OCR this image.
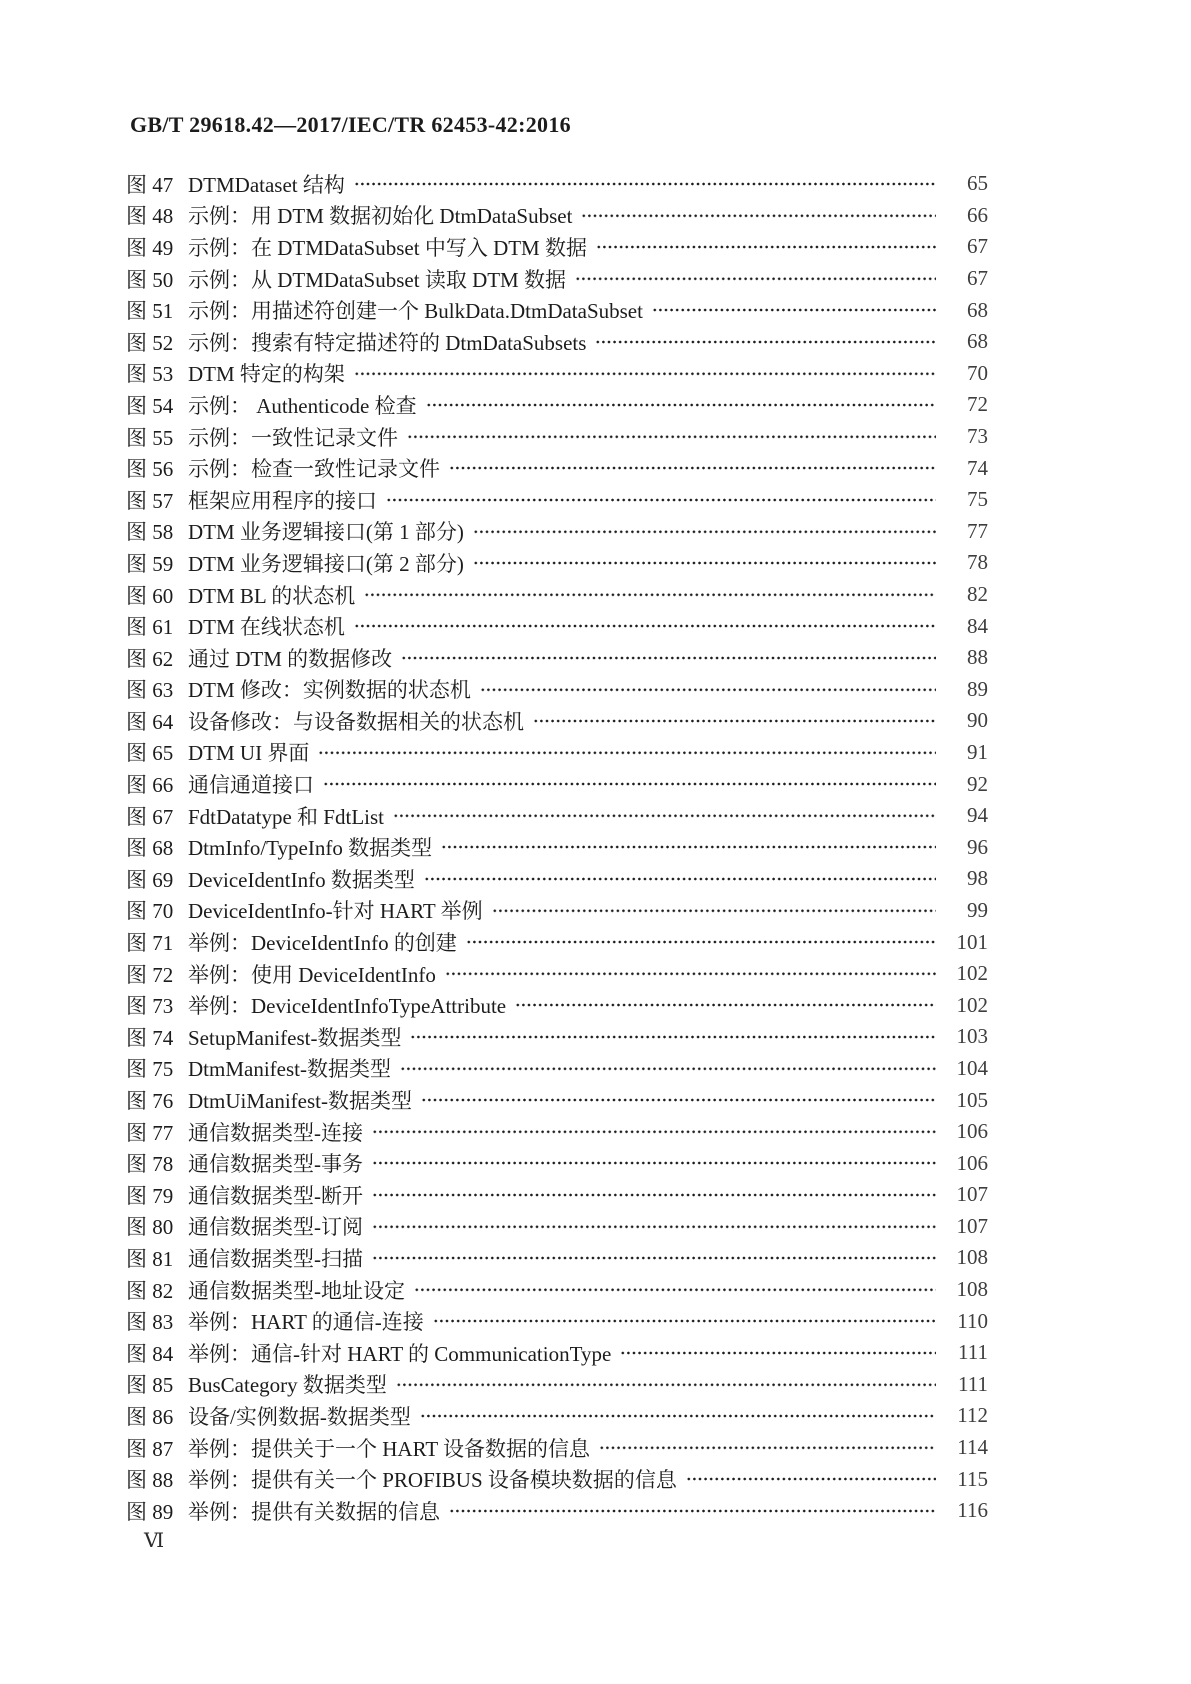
GB/T 29618.42—2017/IEC/TR 62453-42:2016
图 47 DTMDataset 结构	65
图 48 示例：用 DTM 数据初始化 DtmDataSubset	66
图 49 示例：在 DTMDataSubset 中写入 DTM 数据	67
图 50 示例：从 DTMDataSubset 读取 DTM 数据	67
图 51 示例：用描述符创建一个 BulkData.DtmDataSubset	68
图 52 示例：搜索有特定描述符的 DtmDataSubsets	68
图 53 DTM 特定的构架	70
图 54 示例： Authenticode 检查	72
图 55 示例：一致性记录文件	73
图 56 示例：检查一致性记录文件	74
图 57 框架应用程序的接口	75
图 58 DTM 业务逻辑接口(第 1 部分)	77
图 59 DTM 业务逻辑接口(第 2 部分)	78
图 60 DTM BL 的状态机	82
图 61 DTM 在线状态机	84
图 62 通过 DTM 的数据修改	88
图 63 DTM 修改：实例数据的状态机	89
图 64 设备修改：与设备数据相关的状态机	90
图 65 DTM UI 界面	91
图 66 通信通道接口	92
图 67 FdtDatatype 和 FdtList	94
图 68 DtmInfo/TypeInfo 数据类型	96
图 69 DeviceIdentInfo 数据类型	98
图 70 DeviceIdentInfo-针对 HART 举例	99
图 71 举例：DeviceIdentInfo 的创建	101
图 72 举例：使用 DeviceIdentInfo	102
图 73 举例：DeviceIdentInfoTypeAttribute	102
图 74 SetupManifest-数据类型	103
图 75 DtmManifest-数据类型	104
图 76 DtmUiManifest-数据类型	105
图 77 通信数据类型-连接	106
图 78 通信数据类型-事务	106
图 79 通信数据类型-断开	107
图 80 通信数据类型-订阅	107
图 81 通信数据类型-扫描	108
图 82 通信数据类型-地址设定	108
图 83 举例：HART 的通信-连接	110
图 84 举例：通信-针对 HART 的 CommunicationType	111
图 85 BusCategory 数据类型	111
图 86 设备/实例数据-数据类型	112
图 87 举例：提供关于一个 HART 设备数据的信息	114
图 88 举例：提供有关一个 PROFIBUS 设备模块数据的信息	115
图 89 举例：提供有关数据的信息	116
Ⅵ
